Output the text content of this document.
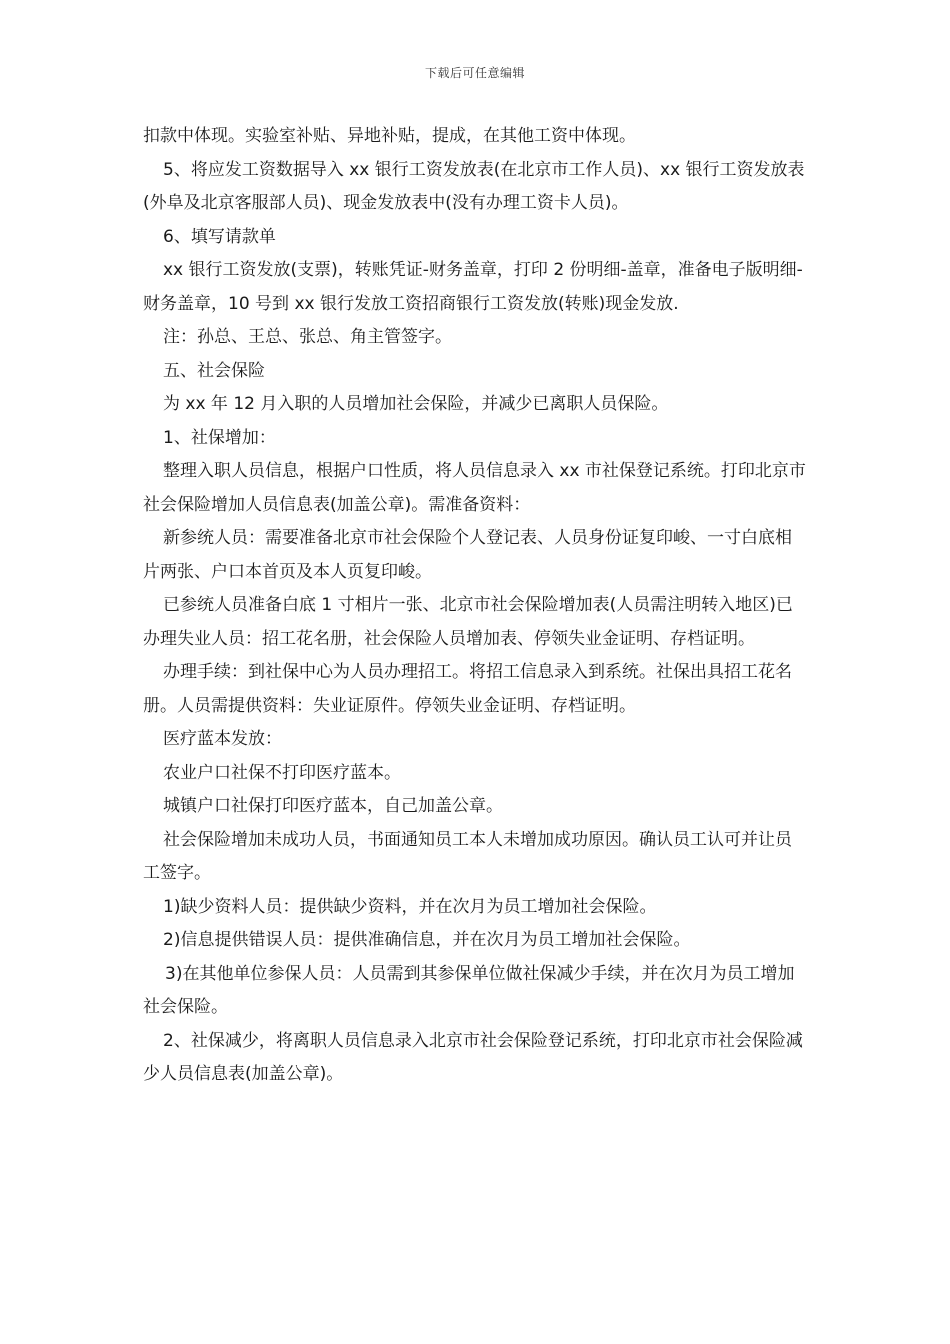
下载后可任意编辑

扣款中体现。实验室补贴、异地补贴，提成，在其他工资中体现。

5、将应发工资数据导入 xx 银行工资发放表(在北京市工作人员)、xx 银行工资发放表(外阜及北京客服部人员)、现金发放表中(没有办理工资卡人员)。

6、填写请款单

xx 银行工资发放(支票)，转账凭证-财务盖章，打印 2 份明细-盖章，准备电子版明细-财务盖章，10 号到 xx 银行发放工资招商银行工资发放(转账)现金发放.

注：孙总、王总、张总、角主管签字。

五、社会保险

为 xx 年 12 月入职的人员增加社会保险，并减少已离职人员保险。

1、社保增加：

整理入职人员信息，根据户口性质，将人员信息录入 xx 市社保登记系统。打印北京市社会保险增加人员信息表(加盖公章)。需准备资料：

新参统人员：需要准备北京市社会保险个人登记表、人员身份证复印峻、一寸白底相片两张、户口本首页及本人页复印峻。

已参统人员准备白底 1 寸相片一张、北京市社会保险增加表(人员需注明转入地区)已办理失业人员：招工花名册，社会保险人员增加表、停领失业金证明、存档证明。

办理手续：到社保中心为人员办理招工。将招工信息录入到系统。社保出具招工花名册。人员需提供资料：失业证原件。停领失业金证明、存档证明。

医疗蓝本发放：

农业户口社保不打印医疗蓝本。

城镇户口社保打印医疗蓝本，自己加盖公章。

社会保险增加未成功人员，书面通知员工本人未增加成功原因。确认员工认可并让员工签字。

1)缺少资料人员：提供缺少资料，并在次月为员工增加社会保险。

2)信息提供错误人员：提供准确信息，并在次月为员工增加社会保险。

3)在其他单位参保人员：人员需到其参保单位做社保减少手续，并在次月为员工增加社会保险。

2、社保减少，将离职人员信息录入北京市社会保险登记系统，打印北京市社会保险减少人员信息表(加盖公章)。
